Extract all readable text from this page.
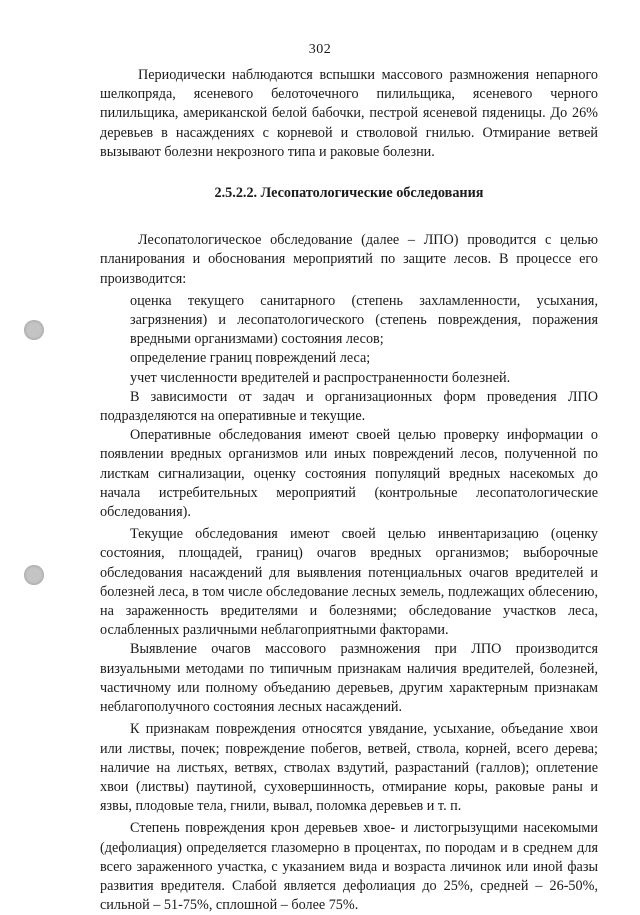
302

Периодически наблюдаются вспышки массового размножения непарного шелкопряда, ясеневого белоточечного пилильщика, ясеневого черного пилильщика, американской белой бабочки, пестрой ясеневой пяденицы. До 26% деревьев в насаждениях с корневой и стволовой гнилью. Отмирание ветвей вызывают болезни некрозного типа и раковые болезни.

2.5.2.2. Лесопатологические обследования

Лесопатологическое обследование (далее – ЛПО) проводится с целью планирования и обоснования мероприятий по защите лесов. В процессе его производится:

оценка текущего санитарного (степень захламленности, усыхания, загрязнения) и лесопатологического (степень повреждения, поражения вредными организмами) состояния лесов;

определение границ повреждений леса;

учет численности вредителей и распространенности болезней.

В зависимости от задач и организационных форм проведения ЛПО подразделяются на оперативные и текущие.

Оперативные обследования имеют своей целью проверку информации о появлении вредных организмов или иных повреждений лесов, полученной по листкам сигнализации, оценку состояния популяций вредных насекомых до начала истребительных мероприятий (контрольные лесопатологические обследования).

Текущие обследования имеют своей целью инвентаризацию (оценку состояния, площадей, границ) очагов вредных организмов; выборочные обследования насаждений для выявления потенциальных очагов вредителей и болезней леса, в том числе обследование лесных земель, подлежащих облесению, на зараженность вредителями и болезнями; обследование участков леса, ослабленных различными неблагоприятными факторами.

Выявление очагов массового размножения при ЛПО производится визуальными методами по типичным признакам наличия вредителей, болезней, частичному или полному объеданию деревьев, другим характерным признакам неблагополучного состояния лесных насаждений.

К признакам повреждения относятся увядание, усыхание, объедание хвои или листвы, почек; повреждение побегов, ветвей, ствола, корней, всего дерева; наличие на листьях, ветвях, стволах вздутий, разрастаний (галлов); оплетение хвои (листвы) паутиной, суховершинность, отмирание коры, раковые раны и язвы, плодовые тела, гнили, вывал, поломка деревьев и т. п.

Степень повреждения крон деревьев хвое- и листогрызущими насекомыми (дефолиация) определяется глазомерно в процентах, по породам и в среднем для всего зараженного участка, с указанием вида и возраста личинок или иной фазы развития вредителя. Слабой является дефолиация до 25%, средней – 26-50%, сильной – 51-75%, сплошной – более 75%.
